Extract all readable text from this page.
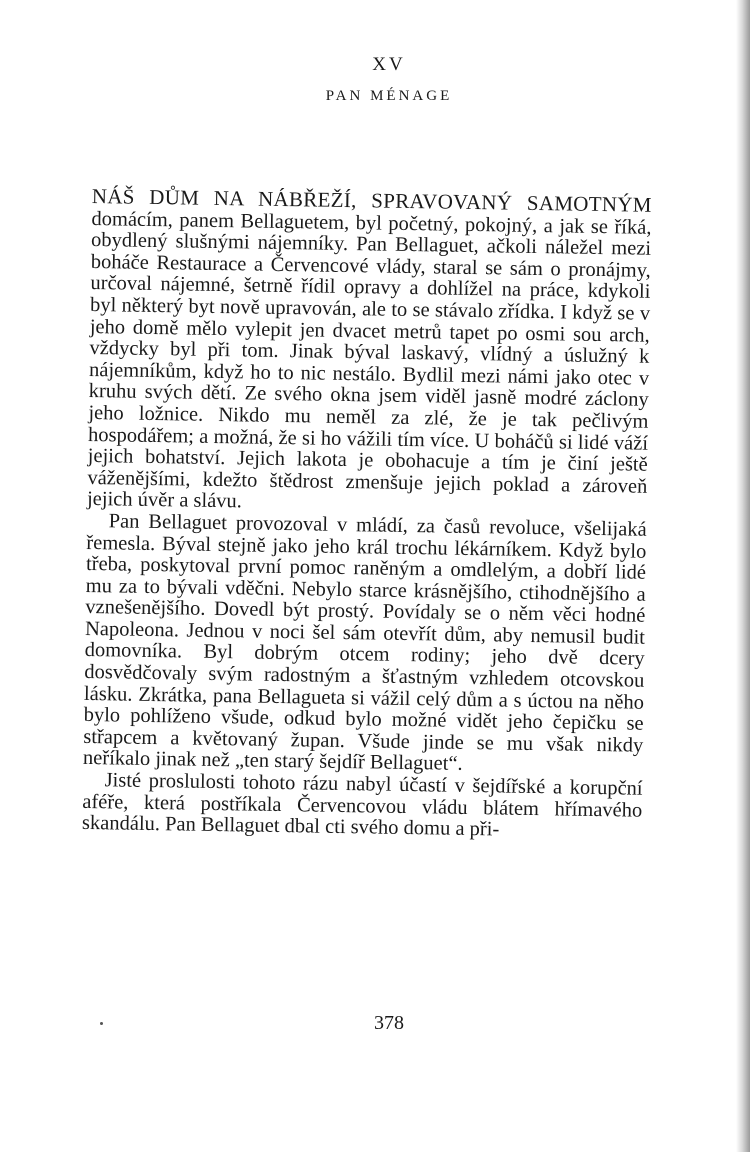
XV
PAN MÉNAGE

NÁŠ DŮM NA NÁBŘEŽÍ, SPRAVOVANÝ SAMOTNÝM domácím, panem Bellaguetem, byl početný, pokojný, a jak se říká, obydlený slušnými nájemníky. Pan Bellaguet, ačkoli náležel mezi boháče Restaurace a Červencové vlády, staral se sám o pronájmy, určoval nájemné, šetrně řídil opravy a dohlížel na práce, kdykoli byl některý byt nově upravován, ale to se stávalo zřídka. I když se v jeho domě mělo vylepit jen dvacet metrů tapet po osmi sou arch, vždycky byl při tom. Jinak býval laskavý, vlídný a úslužný k nájemníkům, když ho to nic nestálo. Bydlil mezi námi jako otec v kruhu svých dětí. Ze svého okna jsem viděl jasně modré záclony jeho ložnice. Nikdo mu neměl za zlé, že je tak pečlivým hospodářem; a možná, že si ho vážili tím více. U boháčů si lidé váží jejich bohatství. Jejich lakota je obohacuje a tím je činí ještě váženějšími, kdežto štědrost zmenšuje jejich poklad a zároveň jejich úvěr a slávu.

Pan Bellaguet provozoval v mládí, za časů revoluce, všelijaká řemesla. Býval stejně jako jeho král trochu lékárníkem. Když bylo třeba, poskytoval první pomoc raněným a omdlelým, a dobří lidé mu za to bývali vděčni. Nebylo starce krásnějšího, ctihodnějšího a vznešenějšího. Dovedl být prostý. Povídaly se o něm věci hodné Napoleona. Jednou v noci šel sám otevřít dům, aby nemusil budit domovníka. Byl dobrým otcem rodiny; jeho dvě dcery dosvědčovaly svým radostným a šťastným vzhledem otcovskou lásku. Zkrátka, pana Bellagueta si vážil celý dům a s úctou na něho bylo pohlíženo všude, odkud bylo možné vidět jeho čepičku se střapcem a květovaný župan. Všude jinde se mu však nikdy neříkalo jinak než „ten starý šejdíř Bellaguet“.

Jisté proslulosti tohoto rázu nabyl účastí v šejdířské a korupční aféře, která postříkala Červencovou vládu blátem hřímavého skandálu. Pan Bellaguet dbal cti svého domu a při-

378
